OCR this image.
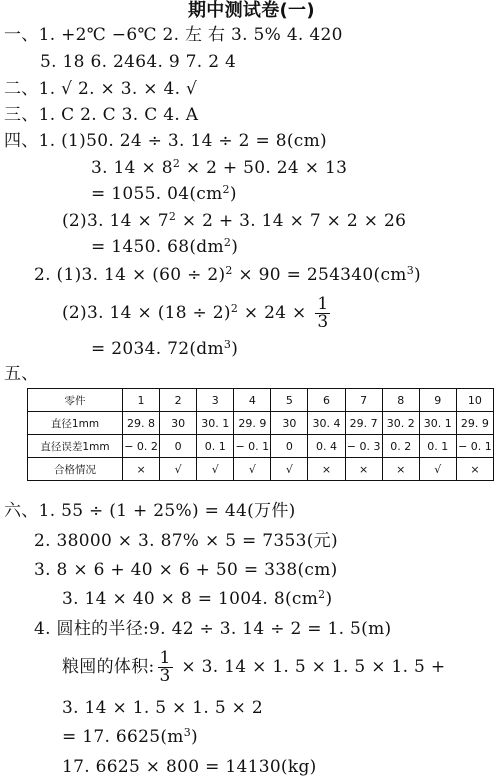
期中测试卷(一)
一、1. +2℃ −6℃ 2. 左 右 3. 5% 4. 420
5. 18 6. 2464. 9 7. 2 4
二、1. √ 2. × 3. × 4. √
三、1. C 2. C 3. C 4. A
四、1. (1)50. 24 ÷ 3. 14 ÷ 2 = 8(cm)
3. $14 \times 8^2 \times 2 + 50$. 24 × 13
= 1055. $04(cm^2)$
(2)3. $14 \times 7^2 \times 2 + 3$. 14 × 7 × 2 × 26
= 1450. $68(dm^2)$
2. (1)3. $14 \times (60 \div 2)^2 \times 90 = 254340(cm^3)$
(2)3. $14 \times (18 \div 2)^2 \times 24 \times \frac{1}{3}$
= 2034. $72(dm^3)$
五、
零件	1	2	3	4	5	6	7	8	9	10
直径1mm	29. 8	30	30. 1	29. 9	30	30. 4	29. 7	30. 2	30. 1	29. 9
直径误差1mm	− 0. 2	0	0. 1	− 0. 1	0	0. 4	− 0. 3	0. 2	0. 1	− 0. 1
合格情况	×	√	√	√	√	×	×	×	√	×
六、1. 55 ÷ (1 + 25%) = 44(万件)
2. 38000 × 3. 87% × 5 = 7353(元)
3. 8 × 6 + 40 × 6 + 50 = 338(cm)
3. 14 × 40 × 8 = 1004. $8(cm^2)$
4. 圆柱的半径:9. 42 ÷ 3. 14 ÷ 2 = 1. 5(m)
粮囤的体积: $\frac{1}{3} \times 3$. 14 × 1. 5 × 1. 5 × 1. 5 +
3. 14 × 1. 5 × 1. 5 × 2
= 17. $6625(m^3)$
17. 6625 × 800 = 14130(kg)
